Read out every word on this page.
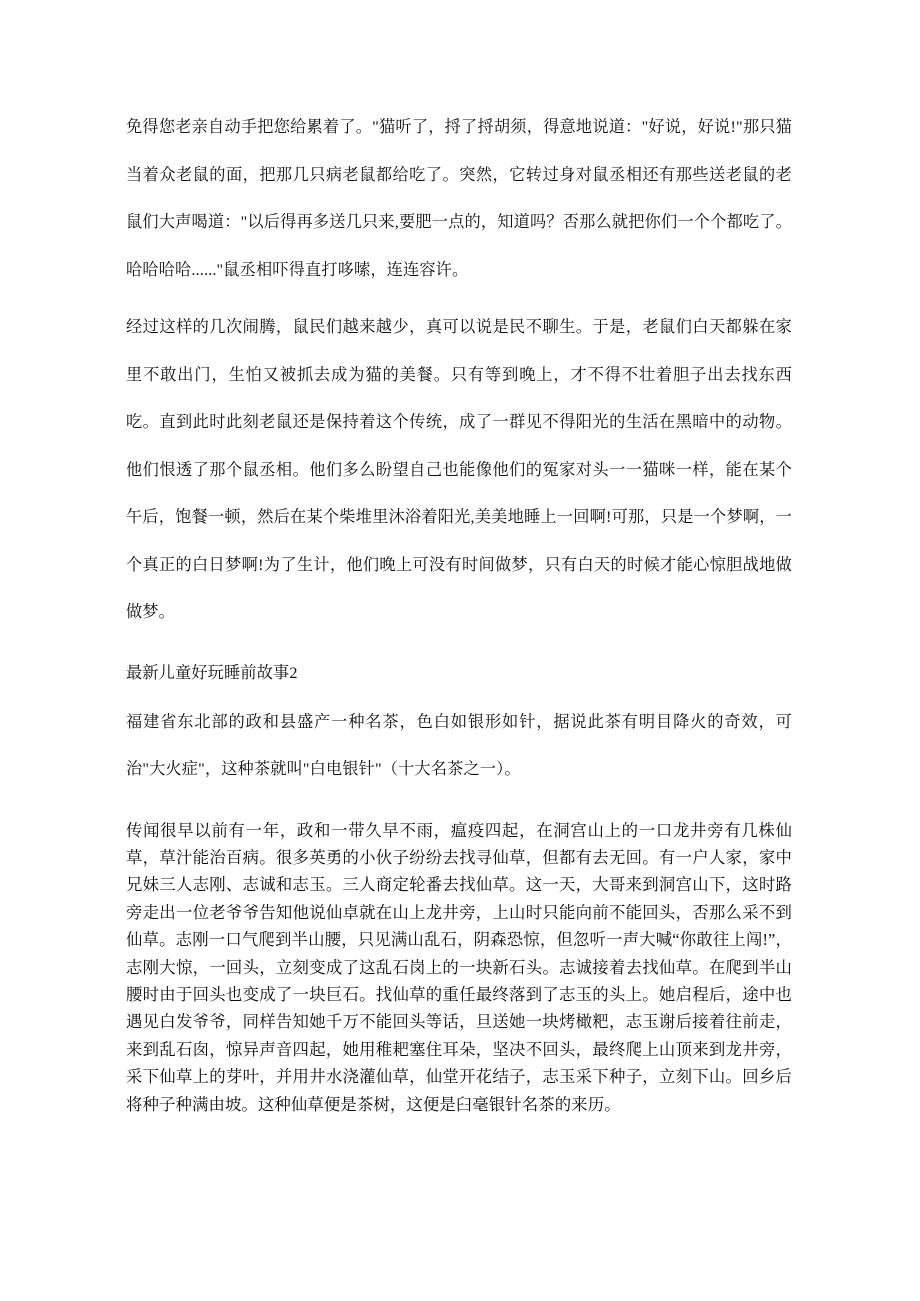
免得您老亲自动手把您给累着了。"猫听了，捋了捋胡须，得意地说道："好说，好说!"那只猫当着众老鼠的面，把那几只病老鼠都给吃了。突然，它转过身对鼠丞相还有那些送老鼠的老鼠们大声喝道："以后得再多送几只来,要肥一点的，知道吗？否那么就把你们一个个都吃了。哈哈哈哈......"鼠丞相吓得直打哆嗦，连连容许。

经过这样的几次闹腾，鼠民们越来越少，真可以说是民不聊生。于是，老鼠们白天都躲在家里不敢出门，生怕又被抓去成为猫的美餐。只有等到晚上，才不得不壮着胆子出去找东西吃。直到此时此刻老鼠还是保持着这个传统，成了一群见不得阳光的生活在黑暗中的动物。他们恨透了那个鼠丞相。他们多么盼望自己也能像他们的冤家对头一一猫咪一样，能在某个午后，饱餐一顿，然后在某个柴堆里沐浴着阳光,美美地睡上一回啊!可那，只是一个梦啊，一个真正的白日梦啊!为了生计，他们晚上可没有时间做梦，只有白天的时候才能心惊胆战地做做梦。

最新儿童好玩睡前故事2

福建省东北部的政和县盛产一种名茶，色白如银形如针，据说此茶有明目降火的奇效，可治"大火症"，这种茶就叫"白电银针"（十大名茶之一）。

传闻很早以前有一年，政和一带久早不雨，瘟疫四起，在洞宫山上的一口龙井旁有几株仙草，草汁能治百病。很多英勇的小伙子纷纷去找寻仙草，但都有去无回。有一户人家，家中兄妹三人志刚、志诚和志玉。三人商定轮番去找仙草。这一天，大哥来到洞宫山下，这时路旁走出一位老爷爷告知他说仙卓就在山上龙井旁，上山时只能向前不能回头，否那么采不到仙草。志刚一口气爬到半山腰，只见满山乱石，阴森恐惊，但忽听一声大喊“你敢往上闯!”，志刚大惊，一回头，立刻变成了这乱石岗上的一块新石头。志诚接着去找仙草。在爬到半山腰时由于回头也变成了一块巨石。找仙草的重任最终落到了志玉的头上。她启程后，途中也遇见白发爷爷，同样告知她千万不能回头等话，旦送她一块烤橄粑，志玉谢后接着往前走，来到乱石囱，惊异声音四起，她用稚耙塞住耳朵，坚决不回头，最终爬上山顶来到龙井旁，采下仙草上的芽叶，并用井水浇灌仙草，仙堂开花结子，志玉采下种子，立刻下山。回乡后将种子种满由坡。这种仙草便是茶树，这便是臼毫银针名茶的来历。
